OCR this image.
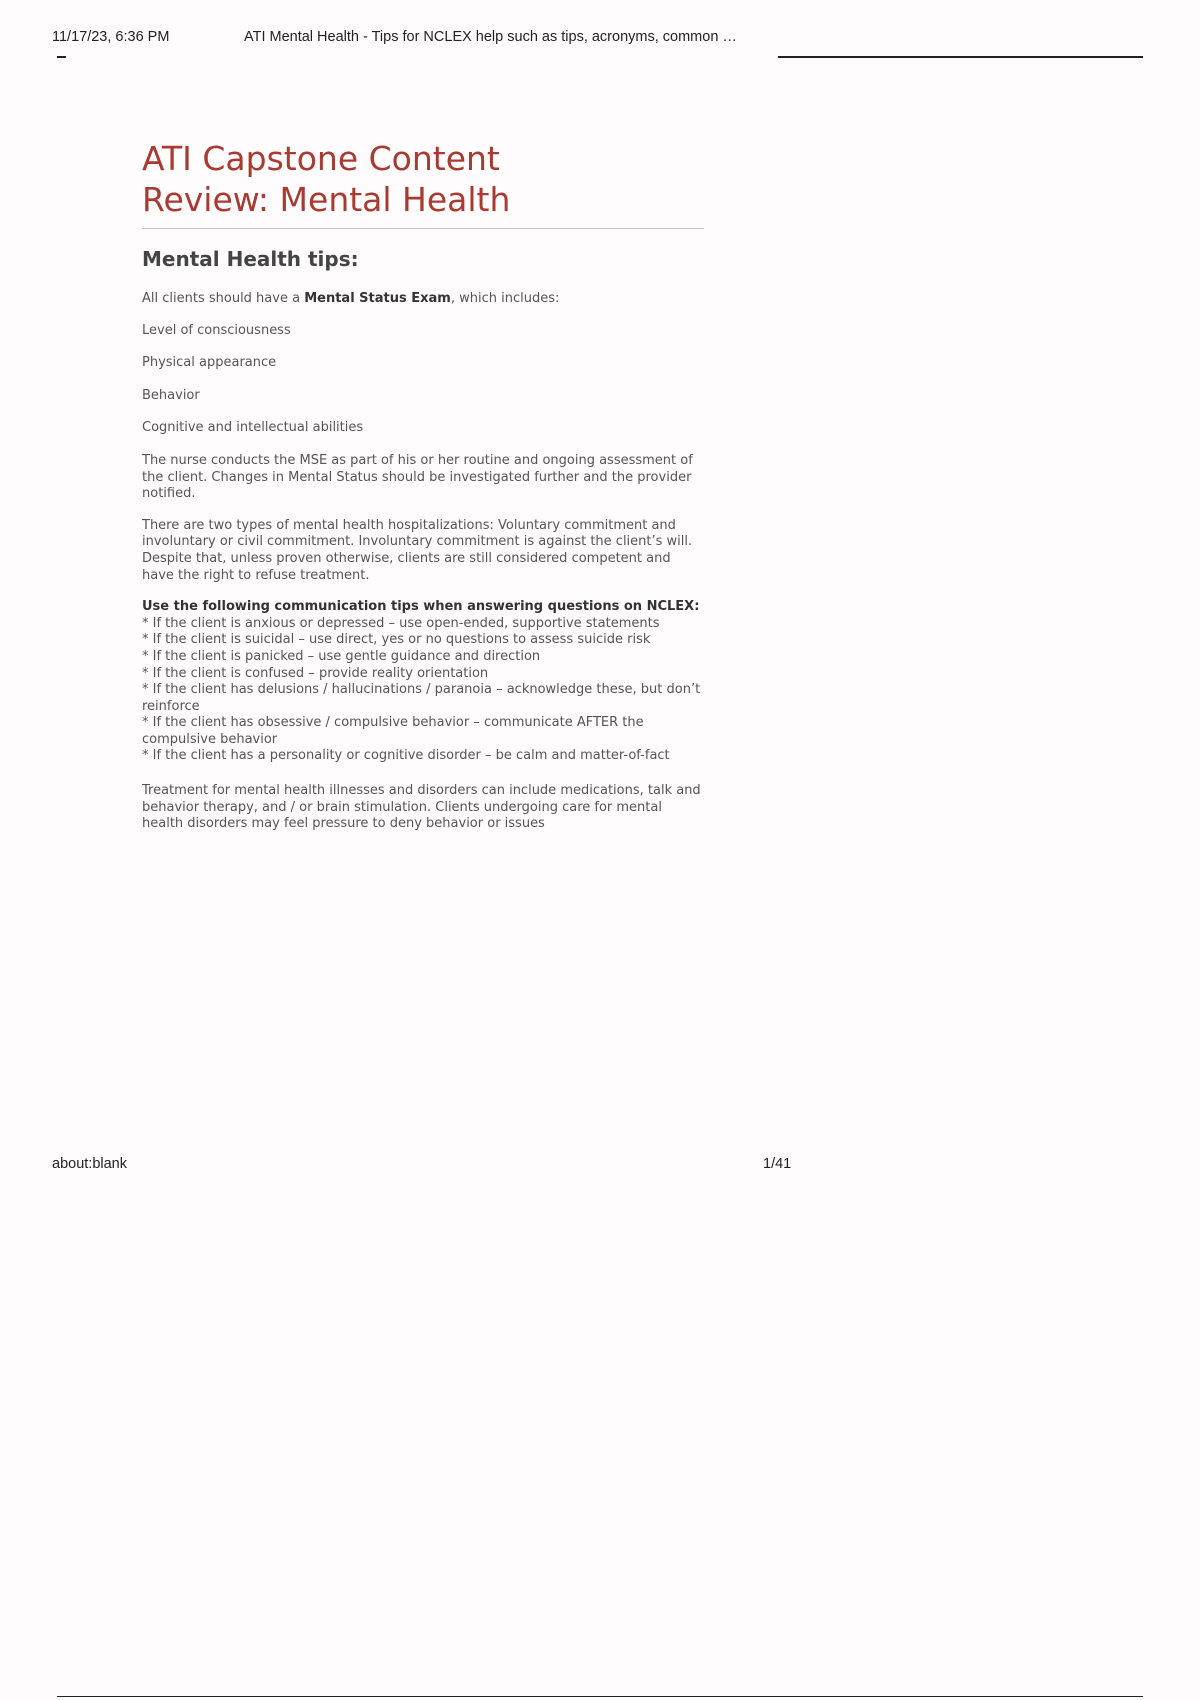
11/17/23, 6:36 PM	ATI Mental Health - Tips for NCLEX help such as tips, acronyms, common …
ATI Capstone Content
Review: Mental Health
Mental Health tips:

All clients should have a Mental Status Exam, which includes:

Level of consciousness

Physical appearance

Behavior

Cognitive and intellectual abilities

The nurse conducts the MSE as part of his or her routine and ongoing assessment of the client. Changes in Mental Status should be investigated further and the provider notified.

There are two types of mental health hospitalizations: Voluntary commitment and involuntary or civil commitment. Involuntary commitment is against the client’s will. Despite that, unless proven otherwise, clients are still considered competent and have the right to refuse treatment.

Use the following communication tips when answering questions on NCLEX:
* If the client is anxious or depressed – use open-ended, supportive statements
* If the client is suicidal – use direct, yes or no questions to assess suicide risk
* If the client is panicked – use gentle guidance and direction
* If the client is confused – provide reality orientation
* If the client has delusions / hallucinations / paranoia – acknowledge these, but don’t reinforce
* If the client has obsessive / compulsive behavior – communicate AFTER the compulsive behavior
* If the client has a personality or cognitive disorder – be calm and matter-of-fact

Treatment for mental health illnesses and disorders can include medications, talk and behavior therapy, and / or brain stimulation. Clients undergoing care for mental health disorders may feel pressure to deny behavior or issues

about:blank	1/41
